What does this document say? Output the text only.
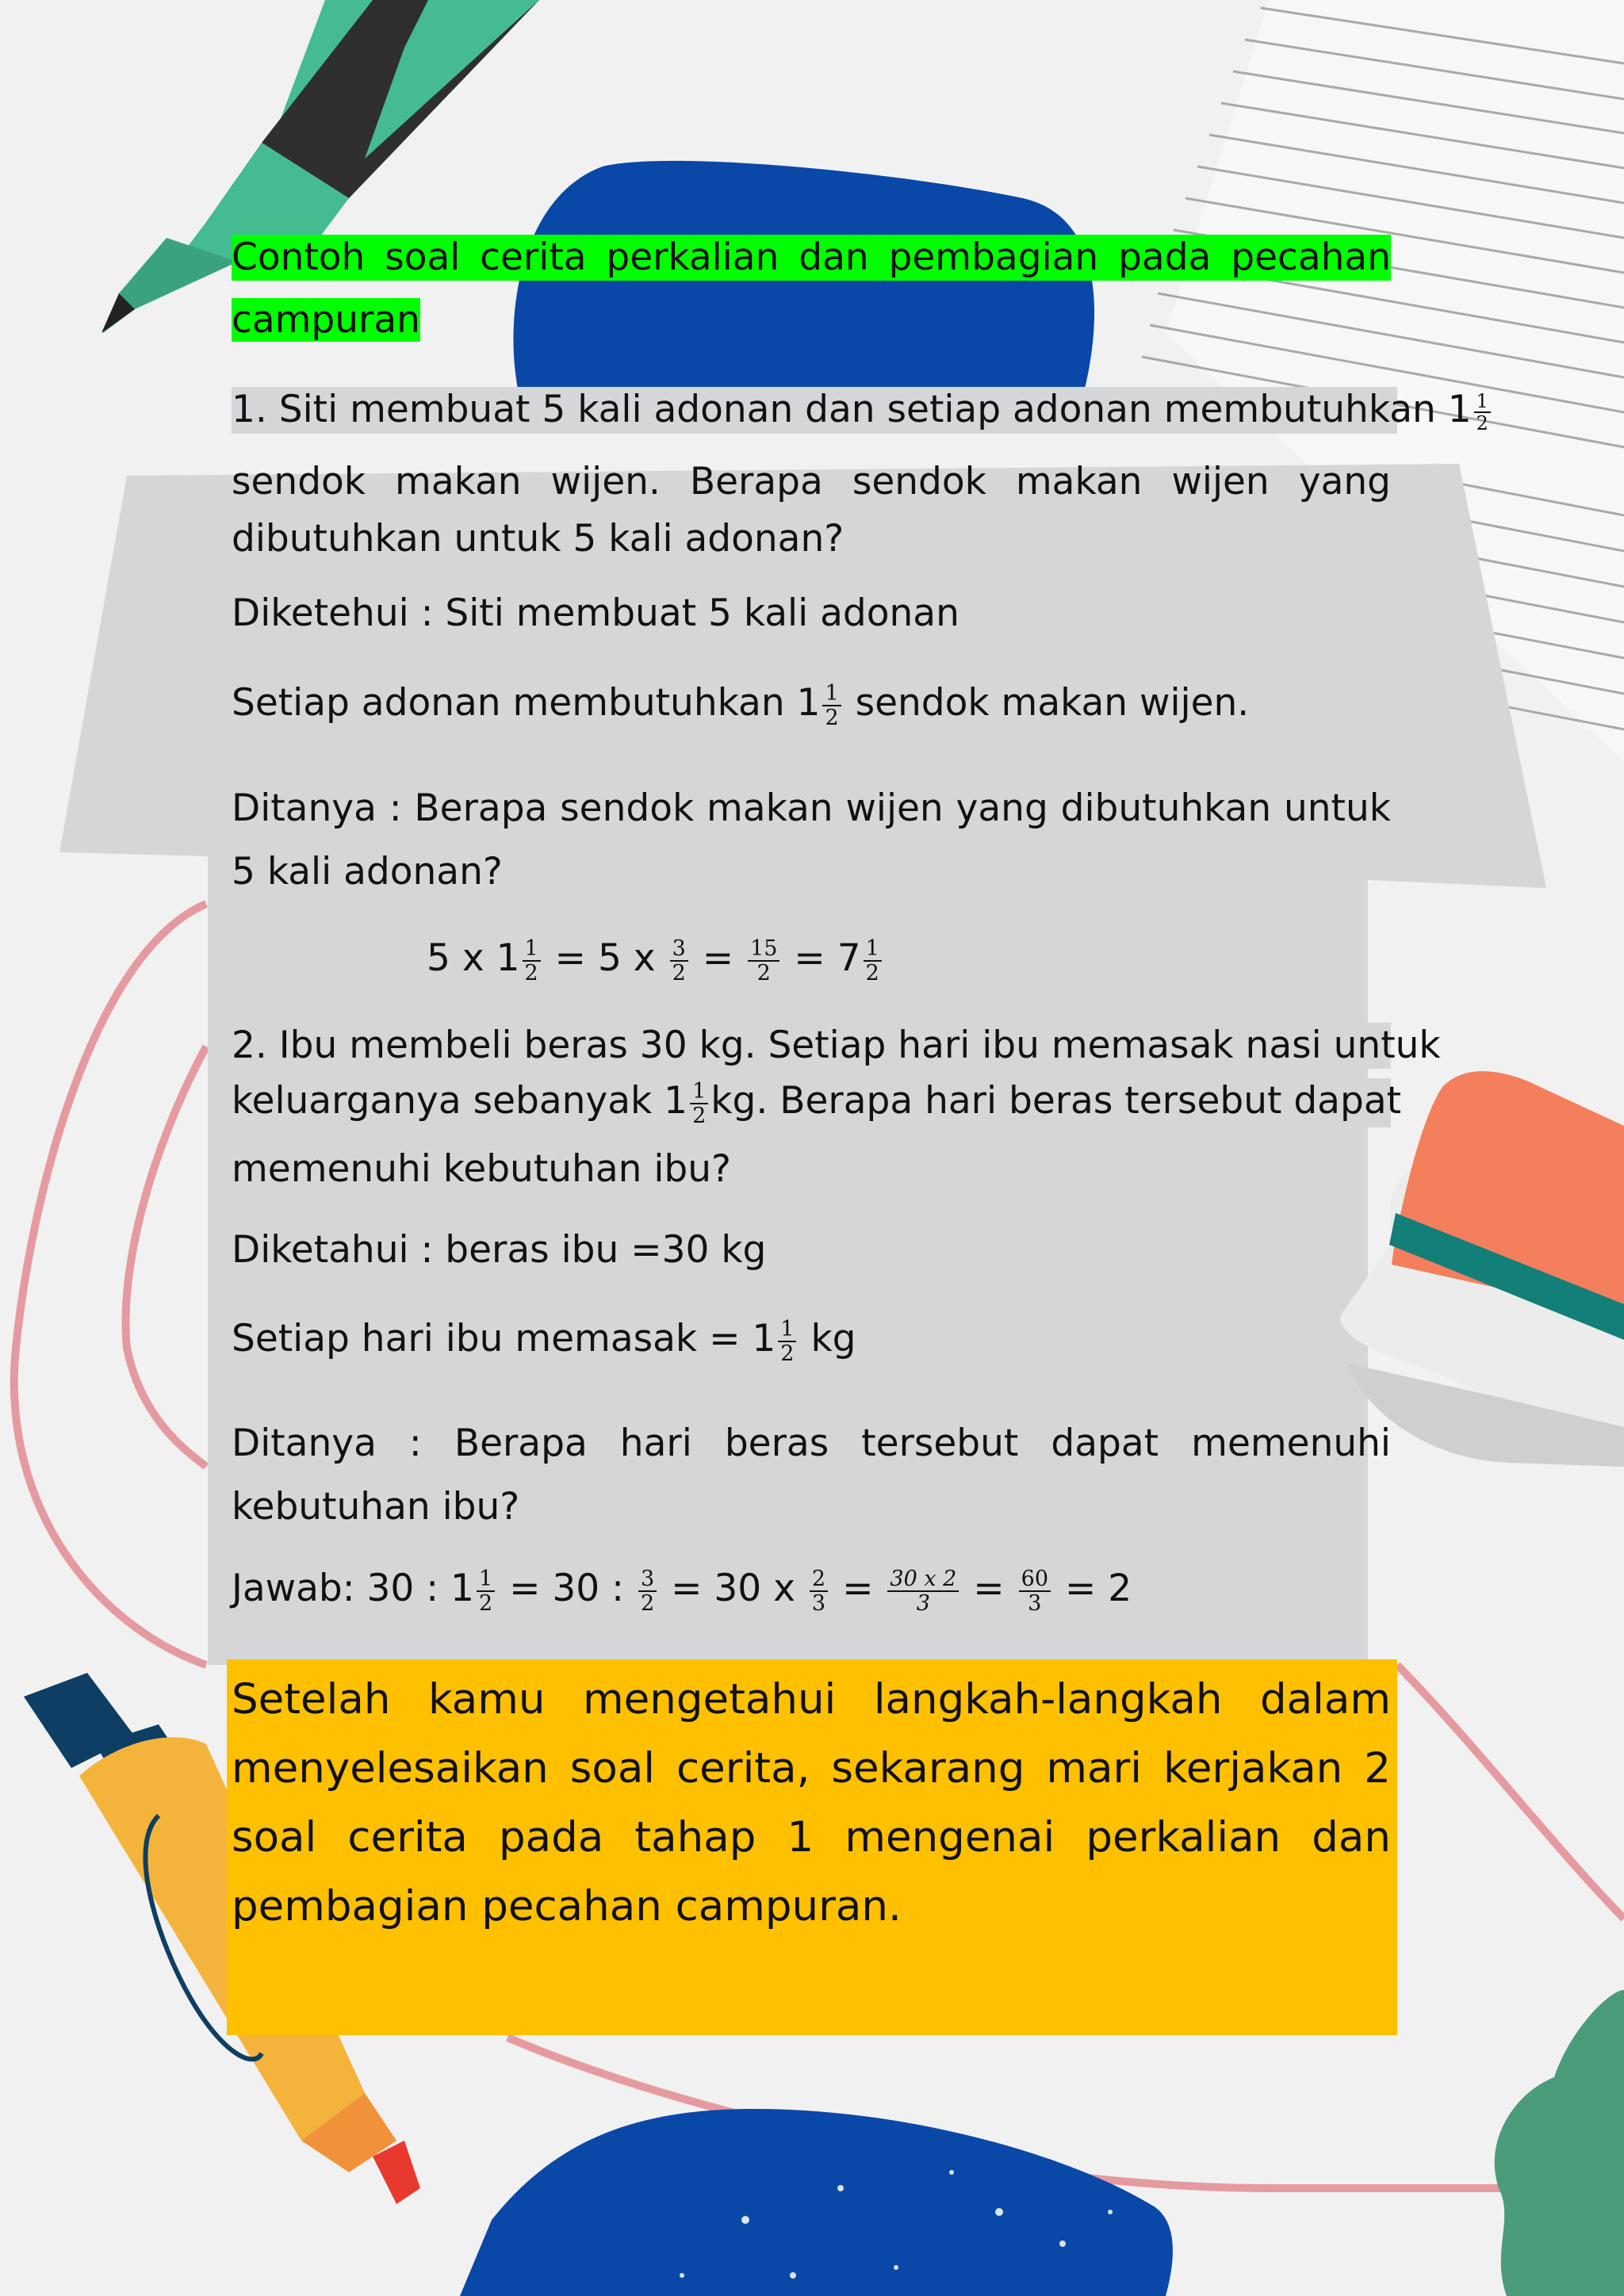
Contoh soal cerita perkalian dan pembagian pada pecahan
campuran
1. Siti membuat 5 kali adonan dan setiap adonan membutuhkan $1 \frac{1}{2}$
sendok makan wijen. Berapa sendok makan wijen yang dibutuhkan untuk 5 kali adonan?
Diketehui : Siti membuat 5 kali adonan
Setiap adonan membutuhkan $1 \frac{1}{2}$ sendok makan wijen.
Ditanya : Berapa sendok makan wijen yang dibutuhkan untuk 5 kali adonan?
5 x $1 \frac{1}{2} = 5$ x $\frac{3}{2} = \frac{15}{2} = 7 \frac{1}{2}$
2. Ibu membeli beras 30 kg. Setiap hari ibu memasak nasi untuk
keluarganya sebanyak $1 \frac{1}{2}$ kg. Berapa hari beras tersebut dapat
memenuhi kebutuhan ibu?
Diketahui : beras ibu =30 kg
Setiap hari ibu memasak = $1 \frac{1}{2}$ kg
Ditanya : Berapa hari beras tersebut dapat memenuhi kebutuhan ibu?
Jawab: 30 : $1 \frac{1}{2} = 30$ : $\frac{3}{2} = 30$ x $\frac{2}{3} = \frac{30 x 2}{3} = \frac{60}{3} = 2$
Setelah kamu mengetahui langkah-langkah dalam menyelesaikan soal cerita, sekarang mari kerjakan 2 soal cerita pada tahap 1 mengenai perkalian dan pembagian pecahan campuran.
